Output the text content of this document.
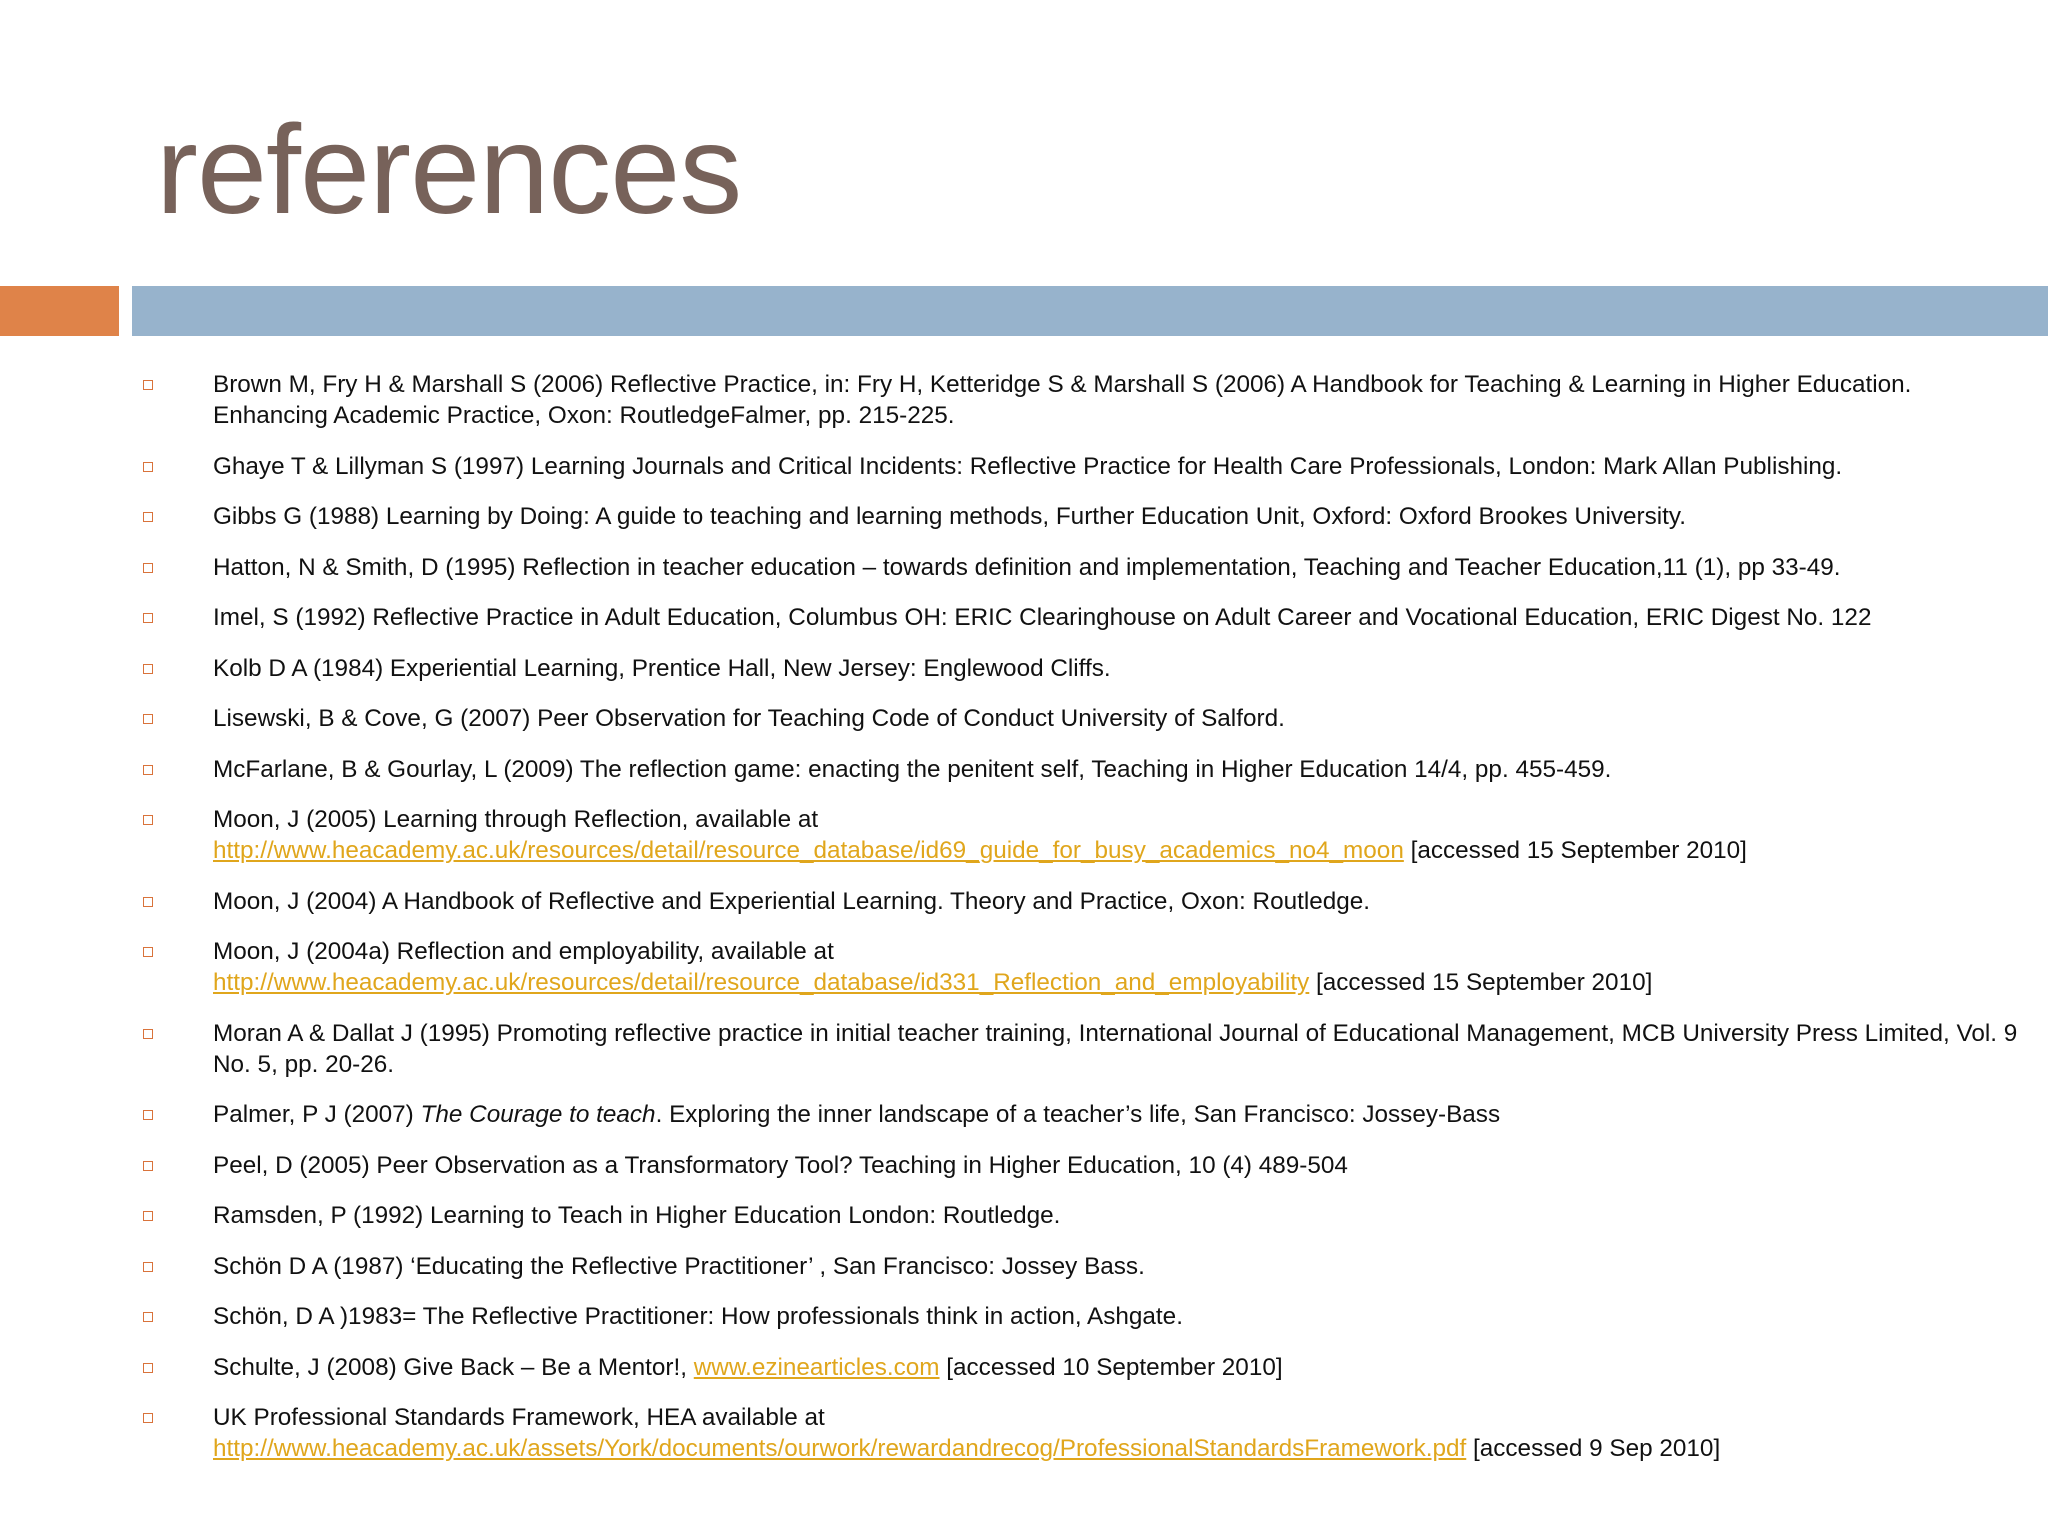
references
Brown M, Fry H & Marshall S (2006) Reflective Practice, in: Fry H, Ketteridge S & Marshall S (2006) A Handbook for Teaching & Learning in Higher Education. Enhancing Academic Practice, Oxon: RoutledgeFalmer, pp. 215-225.
Ghaye T & Lillyman S (1997) Learning Journals and Critical Incidents: Reflective Practice for Health Care Professionals, London: Mark Allan Publishing.
Gibbs G (1988) Learning by Doing: A guide to teaching and learning methods, Further Education Unit, Oxford: Oxford Brookes University.
Hatton, N & Smith, D (1995) Reflection in teacher education – towards definition and implementation, Teaching and Teacher Education,11 (1), pp 33-49.
Imel, S (1992) Reflective Practice in Adult Education, Columbus OH: ERIC Clearinghouse on Adult Career and Vocational Education, ERIC Digest No. 122
Kolb D A (1984) Experiential Learning, Prentice Hall, New Jersey: Englewood Cliffs.
Lisewski, B & Cove, G (2007) Peer Observation for Teaching Code of Conduct University of Salford.
McFarlane, B & Gourlay, L (2009) The reflection game: enacting the penitent self, Teaching in Higher Education 14/4, pp. 455-459.
Moon, J (2005) Learning through Reflection, available at
http://www.heacademy.ac.uk/resources/detail/resource_database/id69_guide_for_busy_academics_no4_moon [accessed 15 September 2010]
Moon, J (2004) A Handbook of Reflective and Experiential Learning. Theory and Practice, Oxon: Routledge.
Moon, J (2004a) Reflection and employability, available at
http://www.heacademy.ac.uk/resources/detail/resource_database/id331_Reflection_and_employability [accessed 15 September 2010]
Moran A & Dallat J (1995) Promoting reflective practice in initial teacher training, International Journal of Educational Management, MCB University Press Limited, Vol. 9 No. 5, pp. 20-26.
Palmer, P J (2007) The Courage to teach. Exploring the inner landscape of a teacher’s life, San Francisco: Jossey-Bass
Peel, D (2005) Peer Observation as a Transformatory Tool? Teaching in Higher Education, 10 (4) 489-504
Ramsden, P (1992) Learning to Teach in Higher Education London: Routledge.
Schön D A (1987) ‘Educating the Reflective Practitioner’ , San Francisco: Jossey Bass.
Schön, D A )1983= The Reflective Practitioner: How professionals think in action, Ashgate.
Schulte, J (2008) Give Back – Be a Mentor!, www.ezinearticles.com [accessed 10 September 2010]
UK Professional Standards Framework, HEA available at
http://www.heacademy.ac.uk/assets/York/documents/ourwork/rewardandrecog/ProfessionalStandardsFramework.pdf [accessed 9 Sep 2010]
